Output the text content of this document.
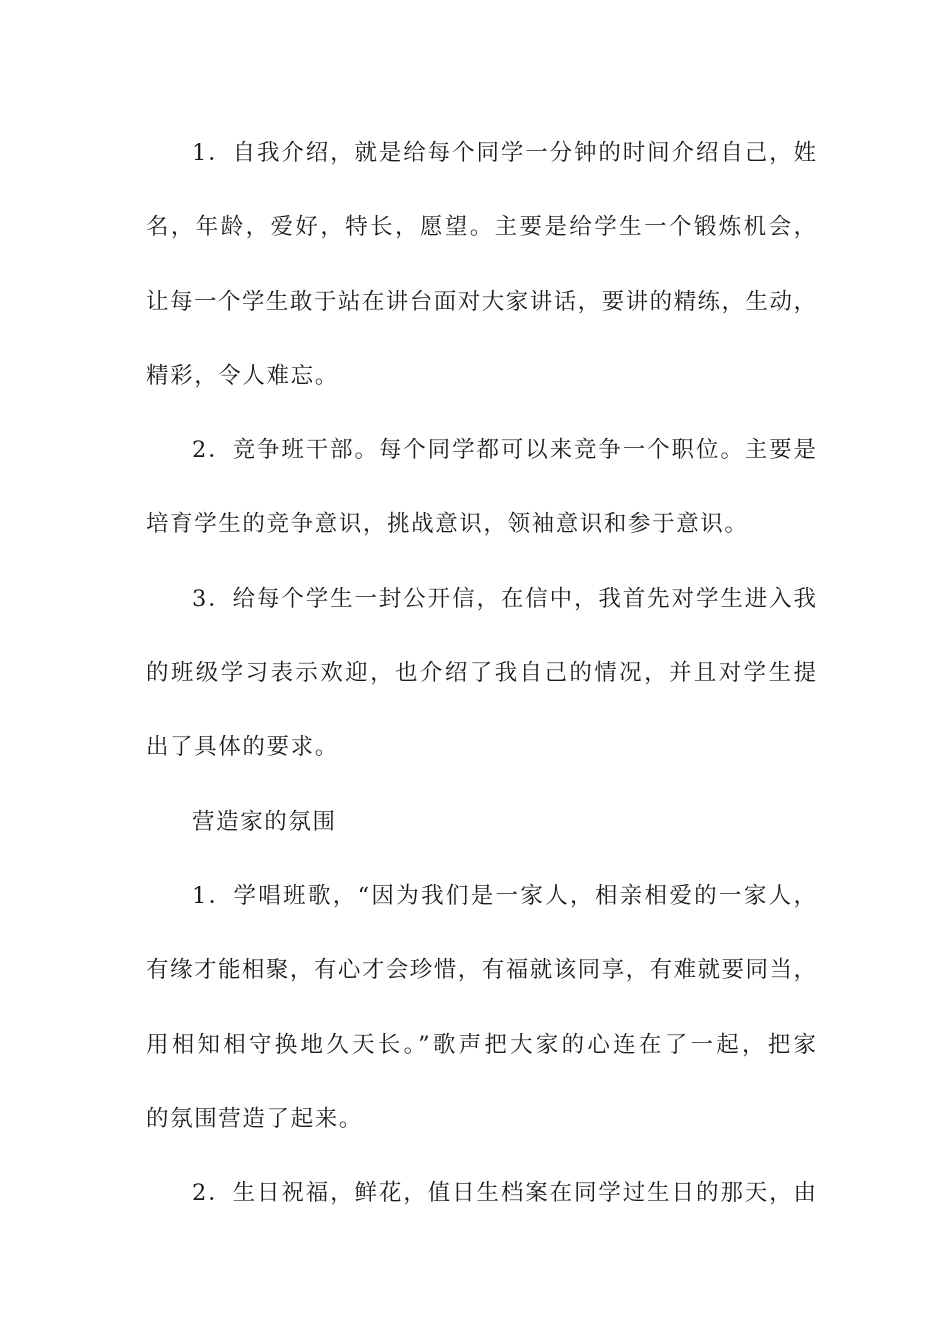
1．自我介绍，就是给每个同学一分钟的时间介绍自己，姓
名，年龄，爱好，特长，愿望。主要是给学生一个锻炼机会，
让每一个学生敢于站在讲台面对大家讲话，要讲的精练，生动，
精彩，令人难忘。
2．竞争班干部。每个同学都可以来竞争一个职位。主要是
培育学生的竞争意识，挑战意识，领袖意识和参于意识。
3．给每个学生一封公开信，在信中，我首先对学生进入我
的班级学习表示欢迎，也介绍了我自己的情况，并且对学生提
出了具体的要求。
营造家的氛围
1．学唱班歌，“因为我们是一家人，相亲相爱的一家人，
有缘才能相聚，有心才会珍惜，有福就该同享，有难就要同当，
用相知相守换地久天长。”歌声把大家的心连在了一起，把家
的氛围营造了起来。
2．生日祝福，鲜花，值日生档案在同学过生日的那天，由
